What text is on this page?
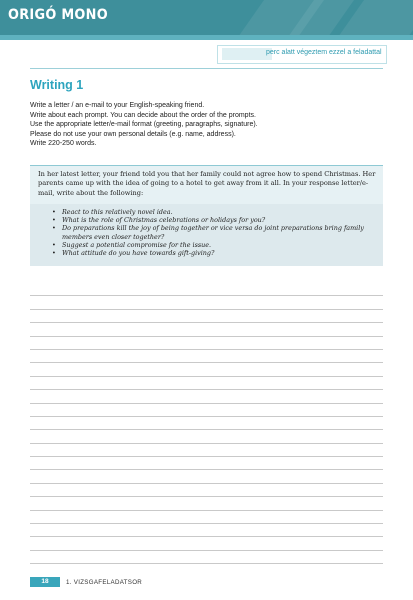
ORIGÓ MONO
perc alatt végeztem ezzel a feladattal
Writing 1
Write a letter / an e-mail to your English-speaking friend.
Write about each prompt. You can decide about the order of the prompts.
Use the appropriate letter/e-mail format (greeting, paragraphs, signature).
Please do not use your own personal details (e.g. name, address).
Write 220-250 words.
In her latest letter, your friend told you that her family could not agree how to spend Christmas. Her parents came up with the idea of going to a hotel to get away from it all. In your response letter/e-mail, write about the following:
• React to this relatively novel idea.
• What is the role of Christmas celebrations or holidays for you?
• Do preparations kill the joy of being together or vice versa do joint preparations bring family members even closer together?
• Suggest a potential compromise for the issue.
• What attitude do you have towards gift-giving?
18	1. VIZSGAFELADATSOR
